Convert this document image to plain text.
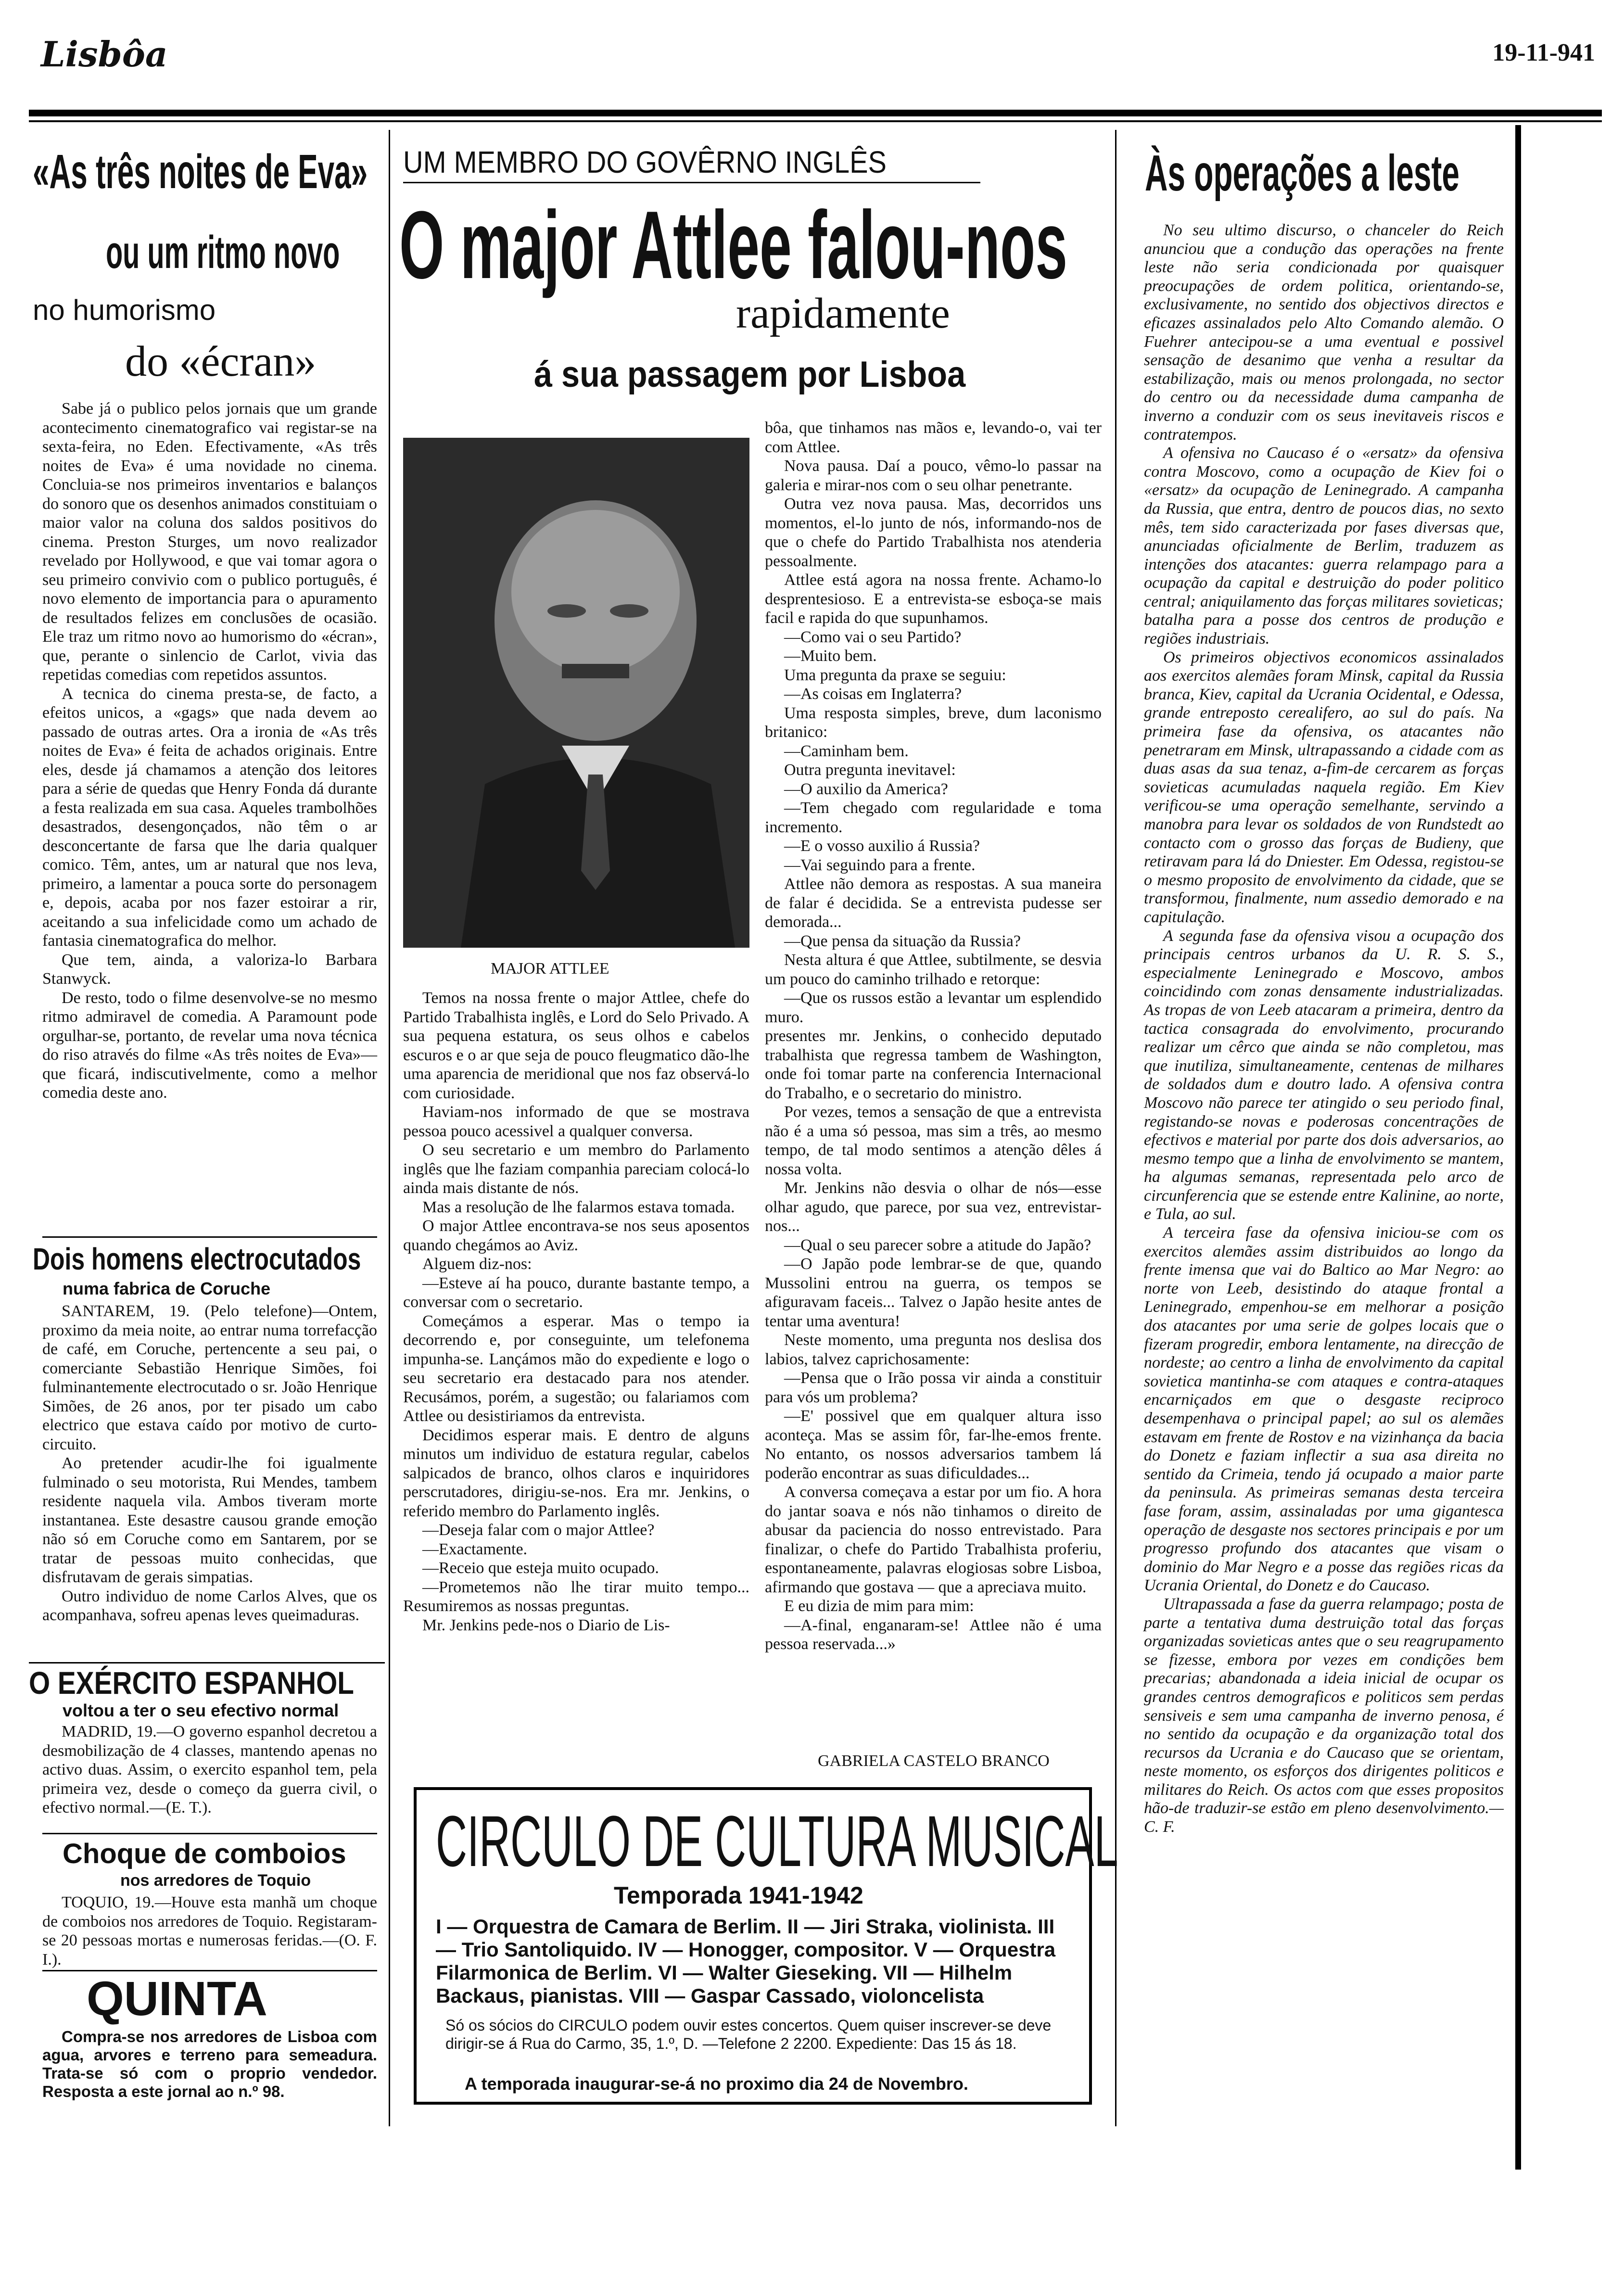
Lisbôa	19-11-941
«As três noites de Eva»
ou um ritmo novo
no humorismo
do «écran»

Sabe já o publico pelos jornais que um grande acontecimento cinematografico vai registar-se na sexta-feira, no Eden. Efectivamente, «As três noites de Eva» é uma novidade no cinema. Concluia-se nos primeiros inventarios e balanços do sonoro que os desenhos animados constituiam o maior valor na coluna dos saldos positivos do cinema. Preston Sturges, um novo realizador revelado por Hollywood, e que vai tomar agora o seu primeiro convivio com o publico português, é novo elemento de importancia para o apuramento de resultados felizes em conclusões de ocasião. Ele traz um ritmo novo ao humorismo do «écran», que, perante o sinlencio de Carlot, vivia das repetidas comedias com repetidos assuntos.

A tecnica do cinema presta-se, de facto, a efeitos unicos, a «gags» que nada devem ao passado de outras artes. Ora a ironia de «As três noites de Eva» é feita de achados originais. Entre eles, desde já chamamos a atenção dos leitores para a série de quedas que Henry Fonda dá durante a festa realizada em sua casa. Aqueles trambolhões desastrados, desengonçados, não têm o ar desconcertante de farsa que lhe daria qualquer comico. Têm, antes, um ar natural que nos leva, primeiro, a lamentar a pouca sorte do personagem e, depois, acaba por nos fazer estoirar a rir, aceitando a sua infelicidade como um achado de fantasia cinematografica do melhor.

Que tem, ainda, a valoriza-lo Barbara Stanwyck.

De resto, todo o filme desenvolve-se no mesmo ritmo admiravel de comedia. A Paramount pode orgulhar-se, portanto, de revelar uma nova técnica do riso através do filme «As três noites de Eva»—que ficará, indiscutivelmente, como a melhor comedia deste ano.

Dois homens electrocutados
numa fabrica de Coruche

SANTAREM, 19. (Pelo telefone)—Ontem, proximo da meia noite, ao entrar numa torrefacção de café, em Coruche, pertencente a seu pai, o comerciante Sebastião Henrique Simões, foi fulminantemente electrocutado o sr. João Henrique Simões, de 26 anos, por ter pisado um cabo electrico que estava caído por motivo de curto-circuito.

Ao pretender acudir-lhe foi igualmente fulminado o seu motorista, Rui Mendes, tambem residente naquela vila. Ambos tiveram morte instantanea. Este desastre causou grande emoção não só em Coruche como em Santarem, por se tratar de pessoas muito conhecidas, que disfrutavam de gerais simpatias.

Outro individuo de nome Carlos Alves, que os acompanhava, sofreu apenas leves queimaduras.

O EXÉRCITO ESPANHOL
voltou a ter o seu efectivo normal

MADRID, 19.—O governo espanhol decretou a desmobilização de 4 classes, mantendo apenas no activo duas. Assim, o exercito espanhol tem, pela primeira vez, desde o começo da guerra civil, o efectivo normal.—(E. T.).

Choque de comboios
nos arredores de Toquio

TOQUIO, 19.—Houve esta manhã um choque de comboios nos arredores de Toquio. Registaram-se 20 pessoas mortas e numerosas feridas.—(O. F. I.).

QUINTA

Compra-se nos arredores de Lisboa com agua, arvores e terreno para semeadura. Trata-se só com o proprio vendedor. Resposta a este jornal ao n.º 98.

UM MEMBRO DO GOVÊRNO INGLÊS
O major Attlee falou-nos
rapidamente
á sua passagem por Lisboa
MAJOR ATTLEE

Temos na nossa frente o major Attlee, chefe do Partido Trabalhista inglês, e Lord do Selo Privado. A sua pequena estatura, os seus olhos e cabelos escuros e o ar que seja de pouco fleugmatico dão-lhe uma aparencia de meridional que nos faz observá-lo com curiosidade.

Haviam-nos informado de que se mostrava pessoa pouco acessivel a qualquer conversa.

O seu secretario e um membro do Parlamento inglês que lhe faziam companhia pareciam colocá-lo ainda mais distante de nós.

Mas a resolução de lhe falarmos estava tomada.

O major Attlee encontrava-se nos seus aposentos quando chegámos ao Aviz.

Alguem diz-nos:

—Esteve aí ha pouco, durante bastante tempo, a conversar com o secretario.

Começámos a esperar. Mas o tempo ia decorrendo e, por conseguinte, um telefonema impunha-se. Lançámos mão do expediente e logo o seu secretario era destacado para nos atender. Recusámos, porém, a sugestão; ou falariamos com Attlee ou desistiriamos da entrevista.

Decidimos esperar mais. E dentro de alguns minutos um individuo de estatura regular, cabelos salpicados de branco, olhos claros e inquiridores perscrutadores, dirigiu-se-nos. Era mr. Jenkins, o referido membro do Parlamento inglês.

—Deseja falar com o major Attlee?

—Exactamente.

—Receio que esteja muito ocupado.

—Prometemos não lhe tirar muito tempo... Resumiremos as nossas preguntas.

Mr. Jenkins pede-nos o Diario de Lis-

bôa, que tinhamos nas mãos e, levando-o, vai ter com Attlee.

Nova pausa. Daí a pouco, vêmo-lo passar na galeria e mirar-nos com o seu olhar penetrante.

Outra vez nova pausa. Mas, decorridos uns momentos, el-lo junto de nós, informando-nos de que o chefe do Partido Trabalhista nos atenderia pessoalmente.

Attlee está agora na nossa frente. Achamo-lo desprentesioso. E a entrevista-se esboça-se mais facil e rapida do que supunhamos.

—Como vai o seu Partido?

—Muito bem.

Uma pregunta da praxe se seguiu:

—As coisas em Inglaterra?

Uma resposta simples, breve, dum laconismo britanico:

—Caminham bem.

Outra pregunta inevitavel:

—O auxilio da America?

—Tem chegado com regularidade e toma incremento.

—E o vosso auxilio á Russia?

—Vai seguindo para a frente.

Attlee não demora as respostas. A sua maneira de falar é decidida. Se a entrevista pudesse ser demorada...

—Que pensa da situação da Russia?

Nesta altura é que Attlee, subtilmente, se desvia um pouco do caminho trilhado e retorque:

—Que os russos estão a levantar um esplendido muro.

presentes mr. Jenkins, o conhecido deputado trabalhista que regressa tambem de Washington, onde foi tomar parte na conferencia Internacional do Trabalho, e o secretario do ministro.

Por vezes, temos a sensação de que a entrevista não é a uma só pessoa, mas sim a três, ao mesmo tempo, de tal modo sentimos a atenção dêles á nossa volta.

Mr. Jenkins não desvia o olhar de nós—esse olhar agudo, que parece, por sua vez, entrevistar-nos...

—Qual o seu parecer sobre a atitude do Japão?

—O Japão pode lembrar-se de que, quando Mussolini entrou na guerra, os tempos se afiguravam faceis... Talvez o Japão hesite antes de tentar uma aventura!

Neste momento, uma pregunta nos deslisa dos labios, talvez caprichosamente:

—Pensa que o Irão possa vir ainda a constituir para vós um problema?

—E' possivel que em qualquer altura isso aconteça. Mas se assim fôr, far-lhe-emos frente. No entanto, os nossos adversarios tambem lá poderão encontrar as suas dificuldades...

A conversa começava a estar por um fio. A hora do jantar soava e nós não tinhamos o direito de abusar da paciencia do nosso entrevistado. Para finalizar, o chefe do Partido Trabalhista proferiu, espontaneamente, palavras elogiosas sobre Lisboa, afirmando que gostava — que a apreciava muito.

E eu dizia de mim para mim:

—A-final, enganaram-se! Attlee não é uma pessoa reservada...»

GABRIELA CASTELO BRANCO
CIRCULO DE CULTURA MUSICAL
Temporada 1941-1942
I — Orquestra de Camara de Berlim. II — Jiri Straka, violinista. III — Trio Santoliquido. IV — Honogger, compositor. V — Orquestra Filarmonica de Berlim. VI — Walter Gieseking. VII — Hilhelm Backaus, pianistas. VIII — Gaspar Cassado, violoncelista
Só os sócios do CIRCULO podem ouvir estes concertos. Quem quiser inscrever-se deve dirigir-se á Rua do Carmo, 35, 1.º, D. —Telefone 2 2200. Expediente: Das 15 ás 18.
A temporada inaugurar-se-á no proximo dia 24 de Novembro.
Às operações a leste

No seu ultimo discurso, o chanceler do Reich anunciou que a condução das operações na frente leste não seria condicionada por quaisquer preocupações de ordem politica, orientando-se, exclusivamente, no sentido dos objectivos directos e eficazes assinalados pelo Alto Comando alemão. O Fuehrer antecipou-se a uma eventual e possivel sensação de desanimo que venha a resultar da estabilização, mais ou menos prolongada, no sector do centro ou da necessidade duma campanha de inverno a conduzir com os seus inevitaveis riscos e contratempos.

A ofensiva no Caucaso é o «ersatz» da ofensiva contra Moscovo, como a ocupação de Kiev foi o «ersatz» da ocupação de Leninegrado. A campanha da Russia, que entra, dentro de poucos dias, no sexto mês, tem sido caracterizada por fases diversas que, anunciadas oficialmente de Berlim, traduzem as intenções dos atacantes: guerra relampago para a ocupação da capital e destruição do poder politico central; aniquilamento das forças militares sovieticas; batalha para a posse dos centros de produção e regiões industriais.

Os primeiros objectivos economicos assinalados aos exercitos alemães foram Minsk, capital da Russia branca, Kiev, capital da Ucrania Ocidental, e Odessa, grande entreposto cerealifero, ao sul do país. Na primeira fase da ofensiva, os atacantes não penetraram em Minsk, ultrapassando a cidade com as duas asas da sua tenaz, a-fim-de cercarem as forças sovieticas acumuladas naquela região. Em Kiev verificou-se uma operação semelhante, servindo a manobra para levar os soldados de von Rundstedt ao contacto com o grosso das forças de Budieny, que retiravam para lá do Dniester. Em Odessa, registou-se o mesmo proposito de envolvimento da cidade, que se transformou, finalmente, num assedio demorado e na capitulação.

A segunda fase da ofensiva visou a ocupação dos principais centros urbanos da U. R. S. S., especialmente Leninegrado e Moscovo, ambos coincidindo com zonas densamente industrializadas. As tropas de von Leeb atacaram a primeira, dentro da tactica consagrada do envolvimento, procurando realizar um cêrco que ainda se não completou, mas que inutiliza, simultaneamente, centenas de milhares de soldados dum e doutro lado. A ofensiva contra Moscovo não parece ter atingido o seu periodo final, registando-se novas e poderosas concentrações de efectivos e material por parte dos dois adversarios, ao mesmo tempo que a linha de envolvimento se mantem, ha algumas semanas, representada pelo arco de circunferencia que se estende entre Kalinine, ao norte, e Tula, ao sul.

A terceira fase da ofensiva iniciou-se com os exercitos alemães assim distribuidos ao longo da frente imensa que vai do Baltico ao Mar Negro: ao norte von Leeb, desistindo do ataque frontal a Leninegrado, empenhou-se em melhorar a posição dos atacantes por uma serie de golpes locais que o fizeram progredir, embora lentamente, na direcção de nordeste; ao centro a linha de envolvimento da capital sovietica mantinha-se com ataques e contra-ataques encarniçados em que o desgaste reciproco desempenhava o principal papel; ao sul os alemães estavam em frente de Rostov e na vizinhança da bacia do Donetz e faziam inflectir a sua asa direita no sentido da Crimeia, tendo já ocupado a maior parte da peninsula. As primeiras semanas desta terceira fase foram, assim, assinaladas por uma gigantesca operação de desgaste nos sectores principais e por um progresso profundo dos atacantes que visam o dominio do Mar Negro e a posse das regiões ricas da Ucrania Oriental, do Donetz e do Caucaso.

Ultrapassada a fase da guerra relampago; posta de parte a tentativa duma destruição total das forças organizadas sovieticas antes que o seu reagrupamento se fizesse, embora por vezes em condições bem precarias; abandonada a ideia inicial de ocupar os grandes centros demograficos e politicos sem perdas sensiveis e sem uma campanha de inverno penosa, é no sentido da ocupação e da organização total dos recursos da Ucrania e do Caucaso que se orientam, neste momento, os esforços dos dirigentes politicos e militares do Reich. Os actos com que esses propositos hão-de traduzir-se estão em pleno desenvolvimento.—C. F.
